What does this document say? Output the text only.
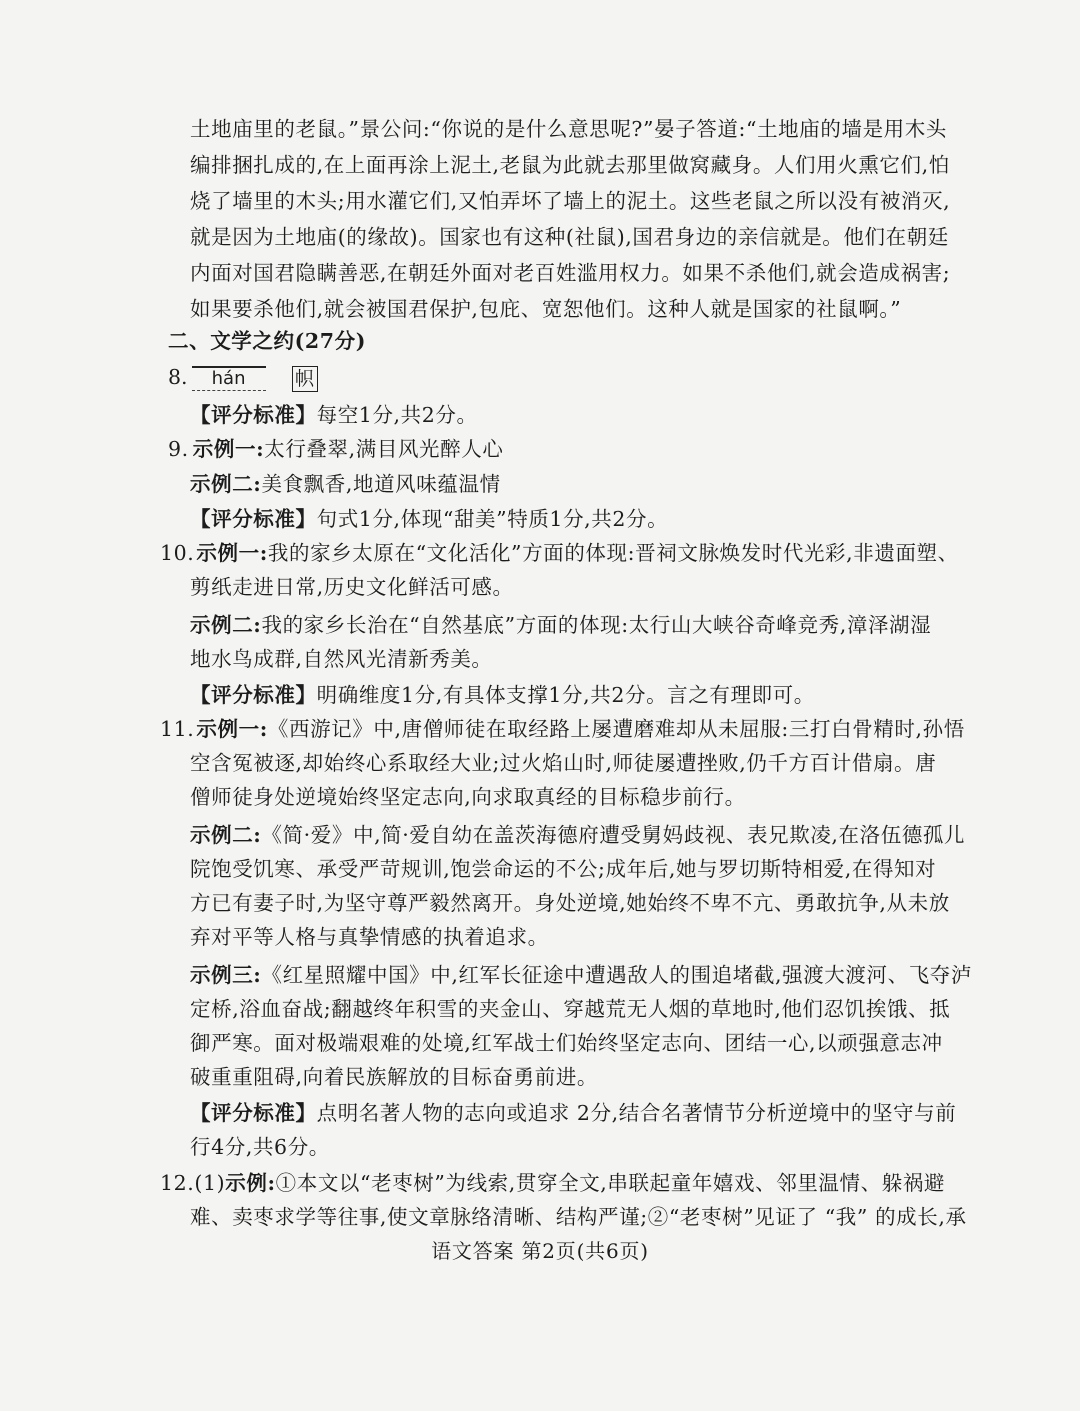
土地庙里的老鼠。”景公问:“你说的是什么意思呢?”晏子答道:“土地庙的墙是用木头
编排捆扎成的,在上面再涂上泥土,老鼠为此就去那里做窝藏身。人们用火熏它们,怕
烧了墙里的木头;用水灌它们,又怕弄坏了墙上的泥土。这些老鼠之所以没有被消灭,
就是因为土地庙(的缘故)。国家也有这种(社鼠),国君身边的亲信就是。他们在朝廷
内面对国君隐瞒善恶,在朝廷外面对老百姓滥用权力。如果不杀他们,就会造成祸害;
如果要杀他们,就会被国君保护,包庇、宽恕他们。这种人就是国家的社鼠啊。”
二、文学之约(27分)
8. hán	帜
【评分标准】每空1分,共2分。
9. 示例一:太行叠翠,满目风光醉人心
示例二:美食飘香,地道风味蕴温情
【评分标准】句式1分,体现“甜美”特质1分,共2分。
10.示例一:我的家乡太原在“文化活化”方面的体现:晋祠文脉焕发时代光彩,非遗面塑、
剪纸走进日常,历史文化鲜活可感。
示例二:我的家乡长治在“自然基底”方面的体现:太行山大峡谷奇峰竞秀,漳泽湖湿
地水鸟成群,自然风光清新秀美。
【评分标准】明确维度1分,有具体支撑1分,共2分。言之有理即可。
11.示例一:《西游记》中,唐僧师徒在取经路上屡遭磨难却从未屈服:三打白骨精时,孙悟
空含冤被逐,却始终心系取经大业;过火焰山时,师徒屡遭挫败,仍千方百计借扇。唐
僧师徒身处逆境始终坚定志向,向求取真经的目标稳步前行。
示例二:《简·爱》中,简·爱自幼在盖茨海德府遭受舅妈歧视、表兄欺凌,在洛伍德孤儿
院饱受饥寒、承受严苛规训,饱尝命运的不公;成年后,她与罗切斯特相爱,在得知对
方已有妻子时,为坚守尊严毅然离开。身处逆境,她始终不卑不亢、勇敢抗争,从未放
弃对平等人格与真挚情感的执着追求。
示例三:《红星照耀中国》中,红军长征途中遭遇敌人的围追堵截,强渡大渡河、飞夺泸
定桥,浴血奋战;翻越终年积雪的夹金山、穿越荒无人烟的草地时,他们忍饥挨饿、抵
御严寒。面对极端艰难的处境,红军战士们始终坚定志向、团结一心,以顽强意志冲
破重重阻碍,向着民族解放的目标奋勇前进。
【评分标准】点明名著人物的志向或追求 2分,结合名著情节分析逆境中的坚守与前
行4分,共6分。
12.(1)示例:①本文以“老枣树”为线索,贯穿全文,串联起童年嬉戏、邻里温情、躲祸避
难、卖枣求学等往事,使文章脉络清晰、结构严谨;②“老枣树”见证了 “我” 的成长,承
语文答案 第2页(共6页)
